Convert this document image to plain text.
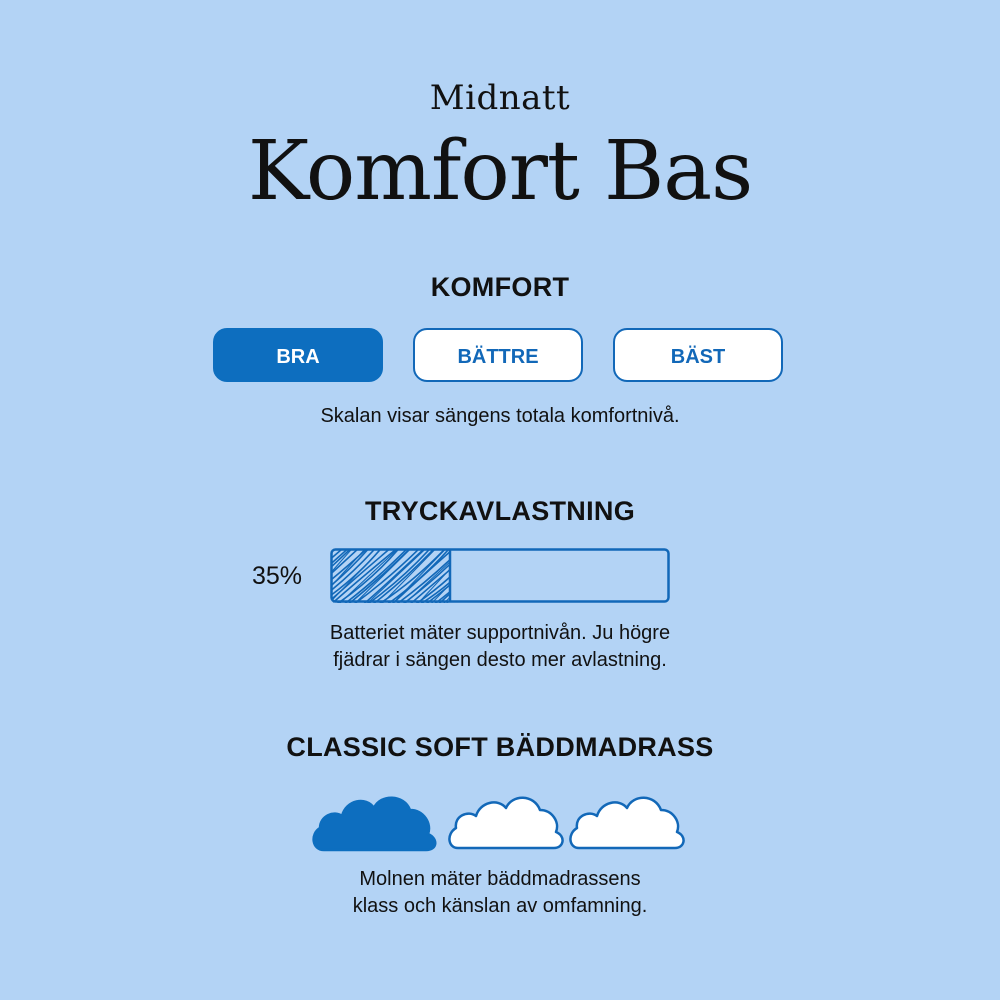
Midnatt
Komfort Bas
KOMFORT
BRA	BÄTTRE	BÄST
Skalan visar sängens totala komfortnivå.
TRYCKAVLASTNING
35%
Batteriet mäter supportnivån. Ju högre
fjädrar i sängen desto mer avlastning.
CLASSIC SOFT BÄDDMADRASS
Molnen mäter bäddmadrassens
klass och känslan av omfamning.
